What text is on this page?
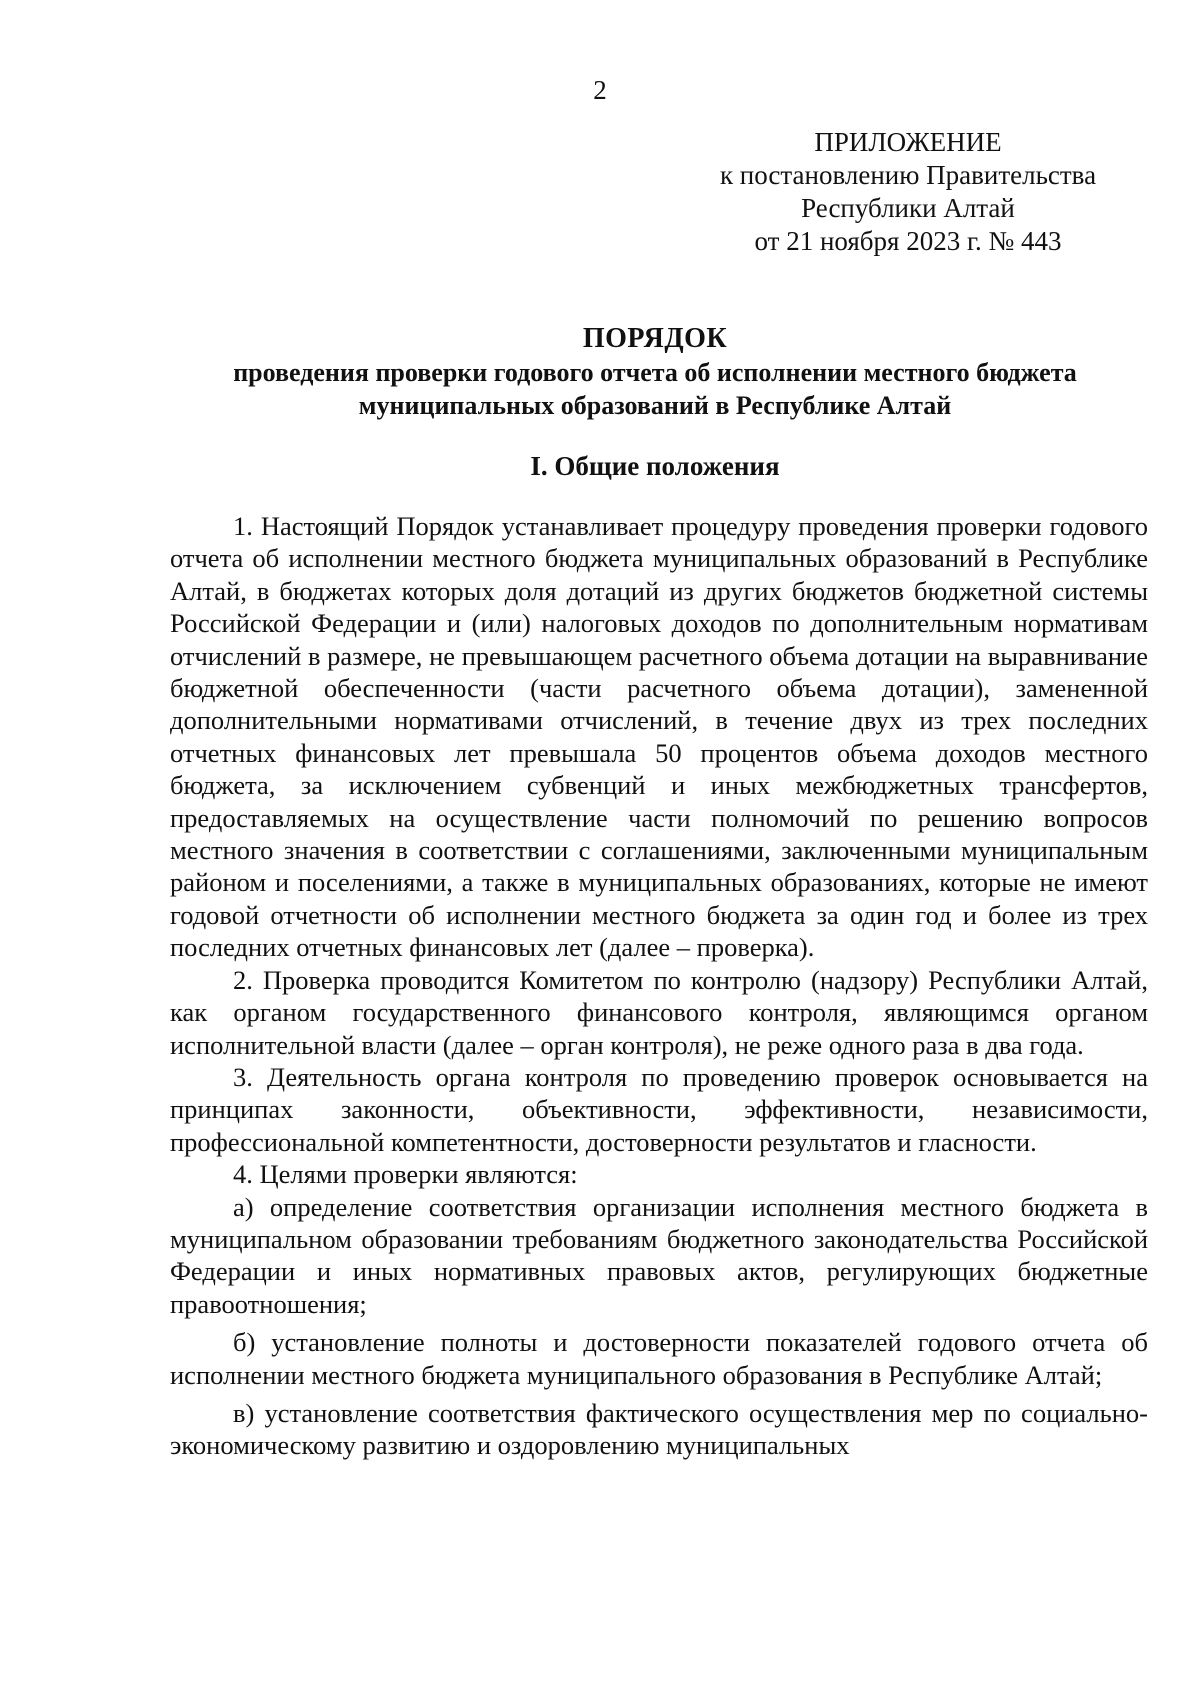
2
ПРИЛОЖЕНИЕ
к постановлению Правительства
Республики Алтай
от 21 ноября 2023 г. № 443
ПОРЯДОК
проведения проверки годового отчета об исполнении местного бюджета
муниципальных образований в Республике Алтай
I. Общие положения

1. Настоящий Порядок устанавливает процедуру проведения проверки годового отчета об исполнении местного бюджета муниципальных образований в Республике Алтай, в бюджетах которых доля дотаций из других бюджетов бюджетной системы Российской Федерации и (или) налоговых доходов по дополнительным нормативам отчислений в размере, не превышающем расчетного объема дотации на выравнивание бюджетной обеспеченности (части расчетного объема дотации), замененной дополнительными нормативами отчислений, в течение двух из трех последних отчетных финансовых лет превышала 50 процентов объема доходов местного бюджета, за исключением субвенций и иных межбюджетных трансфертов, предоставляемых на осуществление части полномочий по решению вопросов местного значения в соответствии с соглашениями, заключенными муниципальным районом и поселениями, а также в муниципальных образованиях, которые не имеют годовой отчетности об исполнении местного бюджета за один год и более из трех последних отчетных финансовых лет (далее – проверка).

2. Проверка проводится Комитетом по контролю (надзору) Республики Алтай, как органом государственного финансового контроля, являющимся органом исполнительной власти (далее – орган контроля), не реже одного раза в два года.

3. Деятельность органа контроля по проведению проверок основывается на принципах законности, объективности, эффективности, независимости, профессиональной компетентности, достоверности результатов и гласности.

4. Целями проверки являются:

а) определение соответствия организации исполнения местного бюджета в муниципальном образовании требованиям бюджетного законодательства Российской Федерации и иных нормативных правовых актов, регулирующих бюджетные правоотношения;

б) установление полноты и достоверности показателей годового отчета об исполнении местного бюджета муниципального образования в Республике Алтай;

в) установление соответствия фактического осуществления мер по социально-экономическому развитию и оздоровлению муниципальных
